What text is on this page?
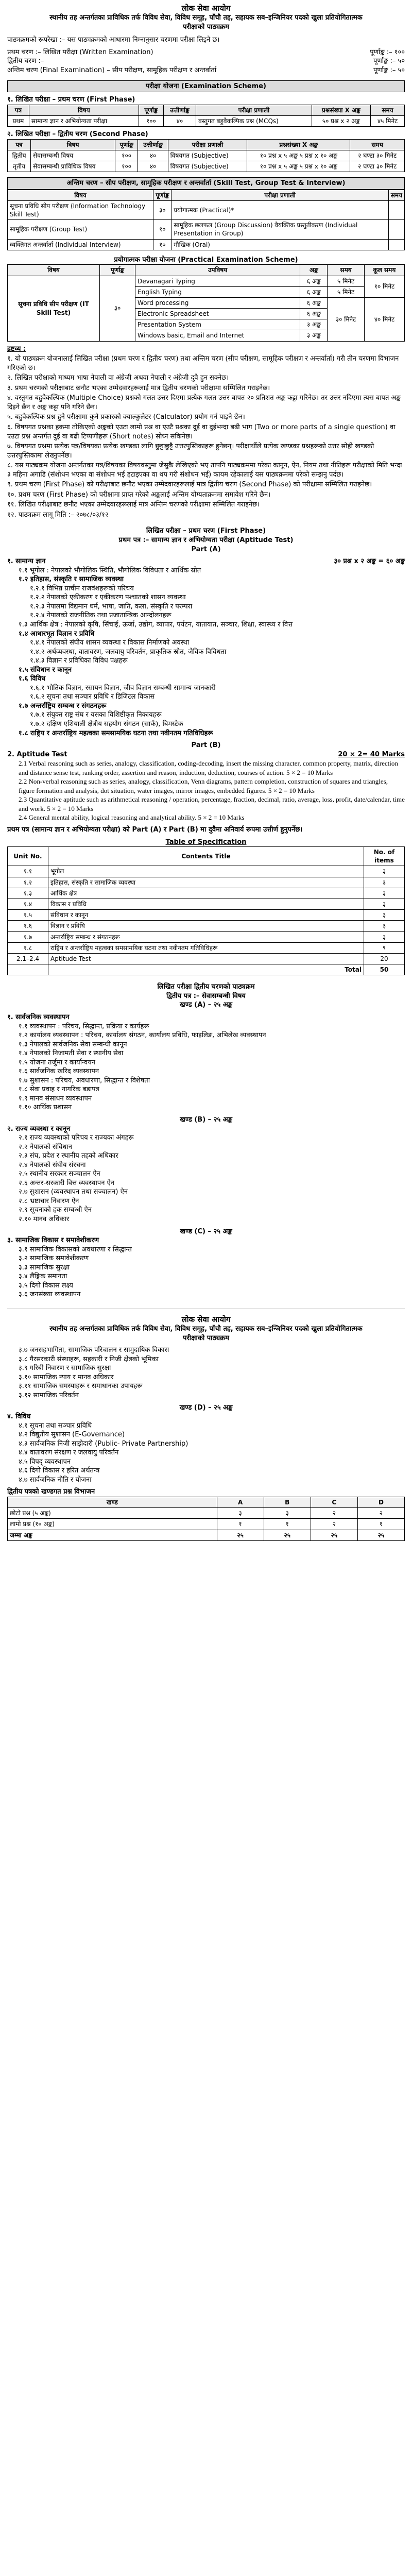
लोक सेवा आयोग
स्थानीय तह अन्तर्गतका प्राविधिक तर्फ विविध सेवा, विविध समूह, पाँचौ तह, सहायक सब–इन्जिनियर पदको खुला प्रतियोगितात्मक
परीक्षाको पाठ्यक्रम
पाठ्यक्रमको रूपरेखा :– यस पाठ्यक्रमको आधारमा निम्नानुसार चरणमा परीक्षा लिइने छ।
प्रथम चरण :– लिखित परीक्षा (Written Examination)	पूर्णाङ्क :– १००
द्वितीय चरण :–	पूर्णाङ्क :– ५०
अन्तिम चरण (Final Examination) – सीप परीक्षण, सामूहिक परीक्षण र अन्तर्वार्ता	पूर्णाङ्क :– ५०
परीक्षा योजना (Examination Scheme)
१. लिखित परीक्षा – प्रथम चरण (First Phase)
पत्र	विषय	पूर्णाङ्क	उत्तीर्णाङ्क	परीक्षा प्रणाली	प्रश्नसंख्या X अङ्क	समय
प्रथम	सामान्य ज्ञान र अभियोग्यता परीक्षा	१००	४०	वस्तुगत बहुवैकल्पिक प्रश्न (MCQs)	५० प्रश्न x २ अङ्क	४५ मिनेट
२. लिखित परीक्षा – द्वितीय चरण (Second Phase)
पत्र	विषय	पूर्णाङ्क	उत्तीर्णाङ्क	परीक्षा प्रणाली	प्रश्नसंख्या X अङ्क	समय
द्वितीय	सेवासम्बन्धी विषय	१००	४०	विषयगत (Subjective)	१० प्रश्न x ५ अङ्क ५ प्रश्न x १० अङ्क	२ घण्टा ३० मिनेट
तृतीय	सेवासम्बन्धी प्राविधिक विषय	१००	४०	विषयगत (Subjective)	१० प्रश्न x ५ अङ्क ५ प्रश्न x १० अङ्क	२ घण्टा ३० मिनेट
अन्तिम चरण – सीप परीक्षण, सामूहिक परीक्षण र अन्तर्वार्ता (Skill Test, Group Test & Interview)
विषय	पूर्णाङ्क	परीक्षा प्रणाली	समय
सूचना प्रविधि सीप परीक्षण (Information Technology Skill Test)	३०	प्रयोगात्मक (Practical)*	
सामूहिक परीक्षण (Group Test)	१०	सामूहिक छलफल (Group Discussion) वैयक्तिक प्रस्तुतीकरण (Individual Presentation in Group)	
व्यक्तिगत अन्तर्वार्ता (Individual Interview)	१०	मौखिक (Oral)	
प्रयोगात्मक परीक्षा योजना (Practical Examination Scheme)
विषय	पूर्णाङ्क	उपविषय	अङ्क	समय	कूल समय
सूचना प्रविधि सीप परीक्षण (IT Skill Test)	३०	Devanagari Typing	६ अङ्क	५ मिनेट	१० मिनेट
		English Typing	६ अङ्क	५ मिनेट	
		Word processing	६ अङ्क	३० मिनेट	४० मिनेट
		Electronic Spreadsheet	६ अङ्क		
		Presentation System	३ अङ्क		
		Windows basic, Email and Internet	३ अङ्क		
द्रष्टव्य :

१. यो पाठ्यक्रम योजनालाई लिखित परीक्षा (प्रथम चरण र द्वितीय चरण) तथा अन्तिम चरण (सीप परीक्षण, सामूहिक परीक्षण र अन्तर्वार्ता) गरी तीन चरणमा विभाजन गरिएको छ।

२. लिखित परीक्षाको माध्यम भाषा नेपाली वा अंग्रेजी अथवा नेपाली र अंग्रेजी दुवै हुन सक्नेछ।

३. प्रथम चरणको परीक्षाबाट छनौट भएका उम्मेदवारहरूलाई मात्र द्वितीय चरणको परीक्षामा सम्मिलित गराइनेछ।

४. वस्तुगत बहुवैकल्पिक (Multiple Choice) प्रश्नको गलत उत्तर दिएमा प्रत्येक गलत उत्तर बापत २० प्रतिशत अङ्क कट्टा गरिनेछ। तर उत्तर नदिएमा त्यस बापत अङ्क दिइने छैन र अङ्क कट्टा पनि गरिने छैन।

५. बहुवैकल्पिक प्रश्न हुने परीक्षामा कुनै प्रकारको क्याल्कुलेटर (Calculator) प्रयोग गर्न पाइने छैन।

६. विषयगत प्रश्नका हकमा तोकिएको अङ्कको एउटा लामो प्रश्न वा एउटै प्रश्नका दुई वा दुईभन्दा बढी भाग (Two or more parts of a single question) वा एउटा प्रश्न अन्तर्गत दुई वा बढी टिप्पणीहरू (Short notes) सोध्न सकिनेछ।

७. विषयगत प्रश्नमा प्रत्येक पत्र/विषयका प्रत्येक खण्डका लागि छुट्टाछुट्टै उत्तरपुस्तिकाहरू हुनेछन्। परीक्षार्थीले प्रत्येक खण्डका प्रश्नहरूको उत्तर सोही खण्डको उत्तरपुस्तिकामा लेख्नुपर्नेछ।

८. यस पाठ्यक्रम योजना अन्तर्गतका पत्र/विषयका विषयवस्तुमा जेसुकै लेखिएको भए तापनि पाठ्यक्रममा परेका कानून, ऐन, नियम तथा नीतिहरू परीक्षाको मिति भन्दा ३ महिना अगाडि (संशोधन भएका वा संशोधन भई हटाइएका वा थप गरी संशोधन भई) कायम रहेकालाई यस पाठ्यक्रममा परेको सम्झनु पर्दछ।

९. प्रथम चरण (First Phase) को परीक्षाबाट छनौट भएका उम्मेदवारहरूलाई मात्र द्वितीय चरण (Second Phase) को परीक्षामा सम्मिलित गराइनेछ।

१०. प्रथम चरण (First Phase) को परीक्षामा प्राप्त गरेको अङ्कलाई अन्तिम योग्यताक्रममा समावेश गरिने छैन।

११. लिखित परीक्षाबाट छनौट भएका उम्मेदवारहरूलाई मात्र अन्तिम चरणको परीक्षामा सम्मिलित गराइनेछ।

१२. पाठ्यक्रम लागू मिति :– २०७८/०३/१२

लिखित परीक्षा – प्रथम चरण (First Phase)
प्रथम पत्र :– सामान्य ज्ञान र अभियोग्यता परीक्षा (Aptitude Test)
Part (A)
१. सामान्य ज्ञान	३० प्रश्न x २ अङ्क = ६० अङ्क
१.१ भूगोल : नेपालको भौगोलिक स्थिति, भौगोलिक विविधता र आर्थिक स्रोत
१.२ इतिहास, संस्कृति र सामाजिक व्यवस्था
१.२.१ विभिन्न प्राचीन राजवंशहरूको परिचय
१.२.२ नेपालको एकीकरण र एकीकरण पश्चातको शासन व्यवस्था
१.२.३ नेपालमा विद्यमान धर्म, भाषा, जाति, कला, संस्कृति र परम्परा
१.२.४ नेपालको राजनीतिक तथा प्रजातान्त्रिक आन्दोलनहरू
१.३ आर्थिक क्षेत्र : नेपालको कृषि, सिंचाई, ऊर्जा, उद्योग, व्यापार, पर्यटन, यातायात, सञ्चार, शिक्षा, स्वास्थ्य र वित्त
१.४ आधारभूत विज्ञान र प्रविधि
१.४.१ नेपालको संघीय शासन व्यवस्था र विकास निर्माणको अवस्था
१.४.२ अर्थव्यवस्था, वातावरण, जलवायु परिवर्तन, प्राकृतिक स्रोत, जैविक विविधता
१.४.३ विज्ञान र प्रविधिका विविध पक्षहरू
१.५ संविधान र कानून
१.६ विविध
१.६.१ भौतिक विज्ञान, रसायन विज्ञान, जीव विज्ञान सम्बन्धी सामान्य जानकारी
१.६.२ सूचना तथा सञ्चार प्रविधि र डिजिटल विकास
१.७ अन्तर्राष्ट्रिय सम्बन्ध र संगठनहरू
१.७.१ संयुक्त राष्ट्र संघ र यसका विशिष्टीकृत निकायहरू
१.७.२ दक्षिण एशियाली क्षेत्रीय सहयोग संगठन (सार्क), बिमस्टेक
१.८ राष्ट्रिय र अन्तर्राष्ट्रिय महत्वका समसामयिक घटना तथा नवीनतम गतिविधिहरू
Part (B)
2. Aptitude Test	20 × 2= 40 Marks
2.1 Verbal reasoning such as series, analogy, classification, coding-decoding, insert the missing character, common property, matrix, direction and distance sense test, ranking order, assertion and reason, induction, deduction, courses of action. 5 × 2 = 10 Marks
2.2 Non-verbal reasoning such as series, analogy, classification, Venn diagrams, pattern completion, construction of squares and triangles, figure formation and analysis, dot situation, water images, mirror images, embedded figures. 5 × 2 = 10 Marks
2.3 Quantitative aptitude such as arithmetical reasoning / operation, percentage, fraction, decimal, ratio, average, loss, profit, date/calendar, time and work. 5 × 2 = 10 Marks
2.4 General mental ability, logical reasoning and analytical ability. 5 × 2 = 10 Marks
प्रथम पत्र (सामान्य ज्ञान र अभियोग्यता परीक्षा) को Part (A) र Part (B) मा दुवैमा अनिवार्य रूपमा उत्तीर्ण हुनुपर्नेछ।
Table of Specification
Unit No.	Contents Title	No. of items
१.१	भूगोल	३
१.२	इतिहास, संस्कृति र सामाजिक व्यवस्था	३
१.३	आर्थिक क्षेत्र	३
१.४	विकास र प्रविधि	३
१.५	संविधान र कानून	३
१.६	विज्ञान र प्रविधि	३
१.७	अन्तर्राष्ट्रिय सम्बन्ध र संगठनहरू	३
१.८	राष्ट्रिय र अन्तर्राष्ट्रिय महत्वका समसामयिक घटना तथा नवीनतम गतिविधिहरू	९
2.1–2.4	Aptitude Test	20
	Total	50
लिखित परीक्षा द्वितीय चरणको पाठ्यक्रम
द्वितीय पत्र :– सेवासम्बन्धी विषय
खण्ड (A) – २५ अङ्क
१. सार्वजनिक व्यवस्थापन
१.१ व्यवस्थापन : परिचय, सिद्धान्त, प्रक्रिया र कार्यहरू
१.२ कार्यालय व्यवस्थापन : परिचय, कार्यालय संगठन, कार्यालय प्रविधि, फाइलिङ, अभिलेख व्यवस्थापन
१.३ नेपालको सार्वजनिक सेवा सम्बन्धी कानून
१.४ नेपालको निजामती सेवा र स्थानीय सेवा
१.५ योजना तर्जुमा र कार्यान्वयन
१.६ सार्वजनिक खरिद व्यवस्थापन
१.७ सुशासन : परिचय, अवधारणा, सिद्धान्त र विशेषता
१.८ सेवा प्रवाह र नागरिक बडापत्र
१.९ मानव संसाधन व्यवस्थापन
१.१० आर्थिक प्रशासन
खण्ड (B) – २५ अङ्क
२. राज्य व्यवस्था र कानून
२.१ राज्य व्यवस्थाको परिचय र राज्यका अंगहरू
२.२ नेपालको संविधान
२.३ संघ, प्रदेश र स्थानीय तहको अधिकार
२.४ नेपालको संघीय संरचना
२.५ स्थानीय सरकार सञ्चालन ऐन
२.६ अन्तर-सरकारी वित्त व्यवस्थापन ऐन
२.७ सुशासन (व्यवस्थापन तथा सञ्चालन) ऐन
२.८ भ्रष्टाचार निवारण ऐन
२.९ सूचनाको हक सम्बन्धी ऐन
२.१० मानव अधिकार
खण्ड (C) – २५ अङ्क
३. सामाजिक विकास र समावेशीकरण
३.१ सामाजिक विकासको अवधारणा र सिद्धान्त
३.२ सामाजिक समावेशीकरण
३.३ सामाजिक सुरक्षा
३.४ लैङ्गिक समानता
३.५ दिगो विकास लक्ष्य
३.६ जनसंख्या व्यवस्थापन
लोक सेवा आयोग
स्थानीय तह अन्तर्गतका प्राविधिक तर्फ विविध सेवा, विविध समूह, पाँचौ तह, सहायक सब–इन्जिनियर पदको खुला प्रतियोगितात्मक
परीक्षाको पाठ्यक्रम
३.७ जनसहभागिता, सामाजिक परिचालन र सामुदायिक विकास
३.८ गैरसरकारी संस्थाहरू, सहकारी र निजी क्षेत्रको भूमिका
३.९ गरिबी निवारण र सामाजिक सुरक्षा
३.१० सामाजिक न्याय र मानव अधिकार
३.११ सामाजिक समस्याहरू र समाधानका उपायहरू
३.१२ सामाजिक परिवर्तन
खण्ड (D) – २५ अङ्क
४. विविध
४.१ सूचना तथा सञ्चार प्रविधि
४.२ विद्युतीय सुशासन (E-Governance)
४.३ सार्वजनिक निजी साझेदारी (Public- Private Partnership)
४.४ वातावरण संरक्षण र जलवायु परिवर्तन
४.५ विपद् व्यवस्थापन
४.६ दिगो विकास र हरित अर्थतन्त्र
४.७ सार्वजनिक नीति र योजना
द्वितीय पत्रको खण्डगत प्रश्न विभाजन
खण्ड	A	B	C	D
छोटो प्रश्न (५ अङ्क)	३	३	२	२
लामो प्रश्न (१० अङ्क)	१	१	२	१
जम्मा अङ्क	२५	२५	२५	२५
